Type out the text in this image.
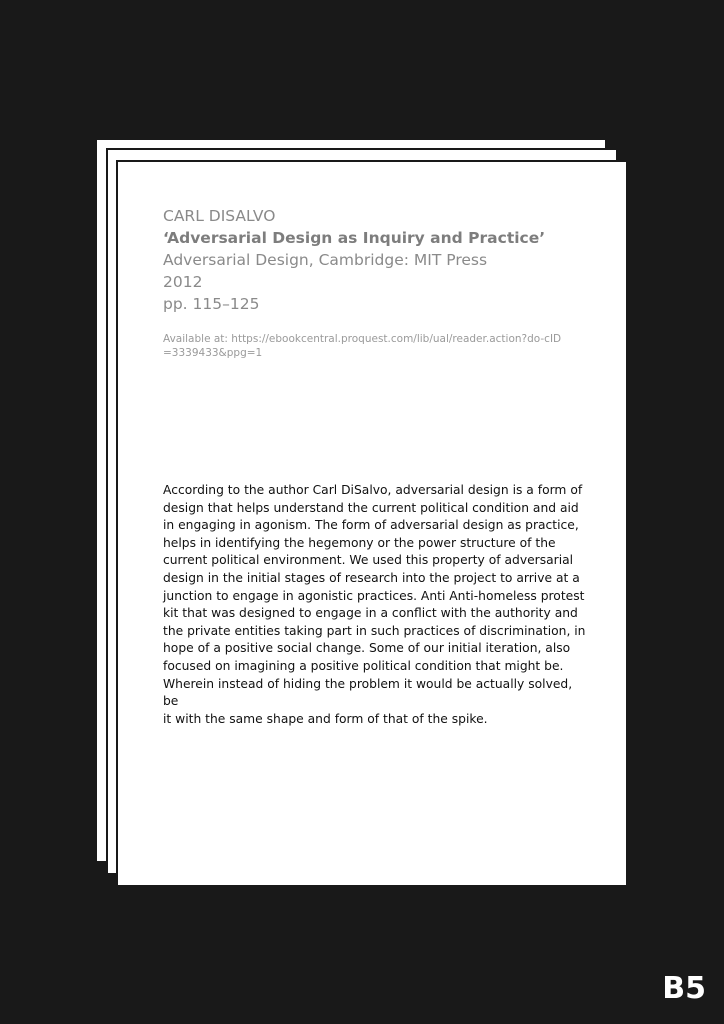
CARL DISALVO
‘Adversarial Design as Inquiry and Practice’
Adversarial Design, Cambridge: MIT Press
2012
pp. 115–125
Available at: https://ebookcentral.proquest.com/lib/ual/reader.action?do-cID=3339433&ppg=1
According to the author Carl DiSalvo, adversarial design is a form of
design that helps understand the current political condition and aid
in engaging in agonism. The form of adversarial design as practice,
helps in identifying the hegemony or the power structure of the
current political environment. We used this property of adversarial
design in the initial stages of research into the project to arrive at a
junction to engage in agonistic practices. Anti Anti-homeless protest
kit that was designed to engage in a conflict with the authority and
the private entities taking part in such practices of discrimination, in
hope of a positive social change. Some of our initial iteration, also
focused on imagining a positive political condition that might be.
Wherein instead of hiding the problem it would be actually solved, be
it with the same shape and form of that of the spike.
B5
